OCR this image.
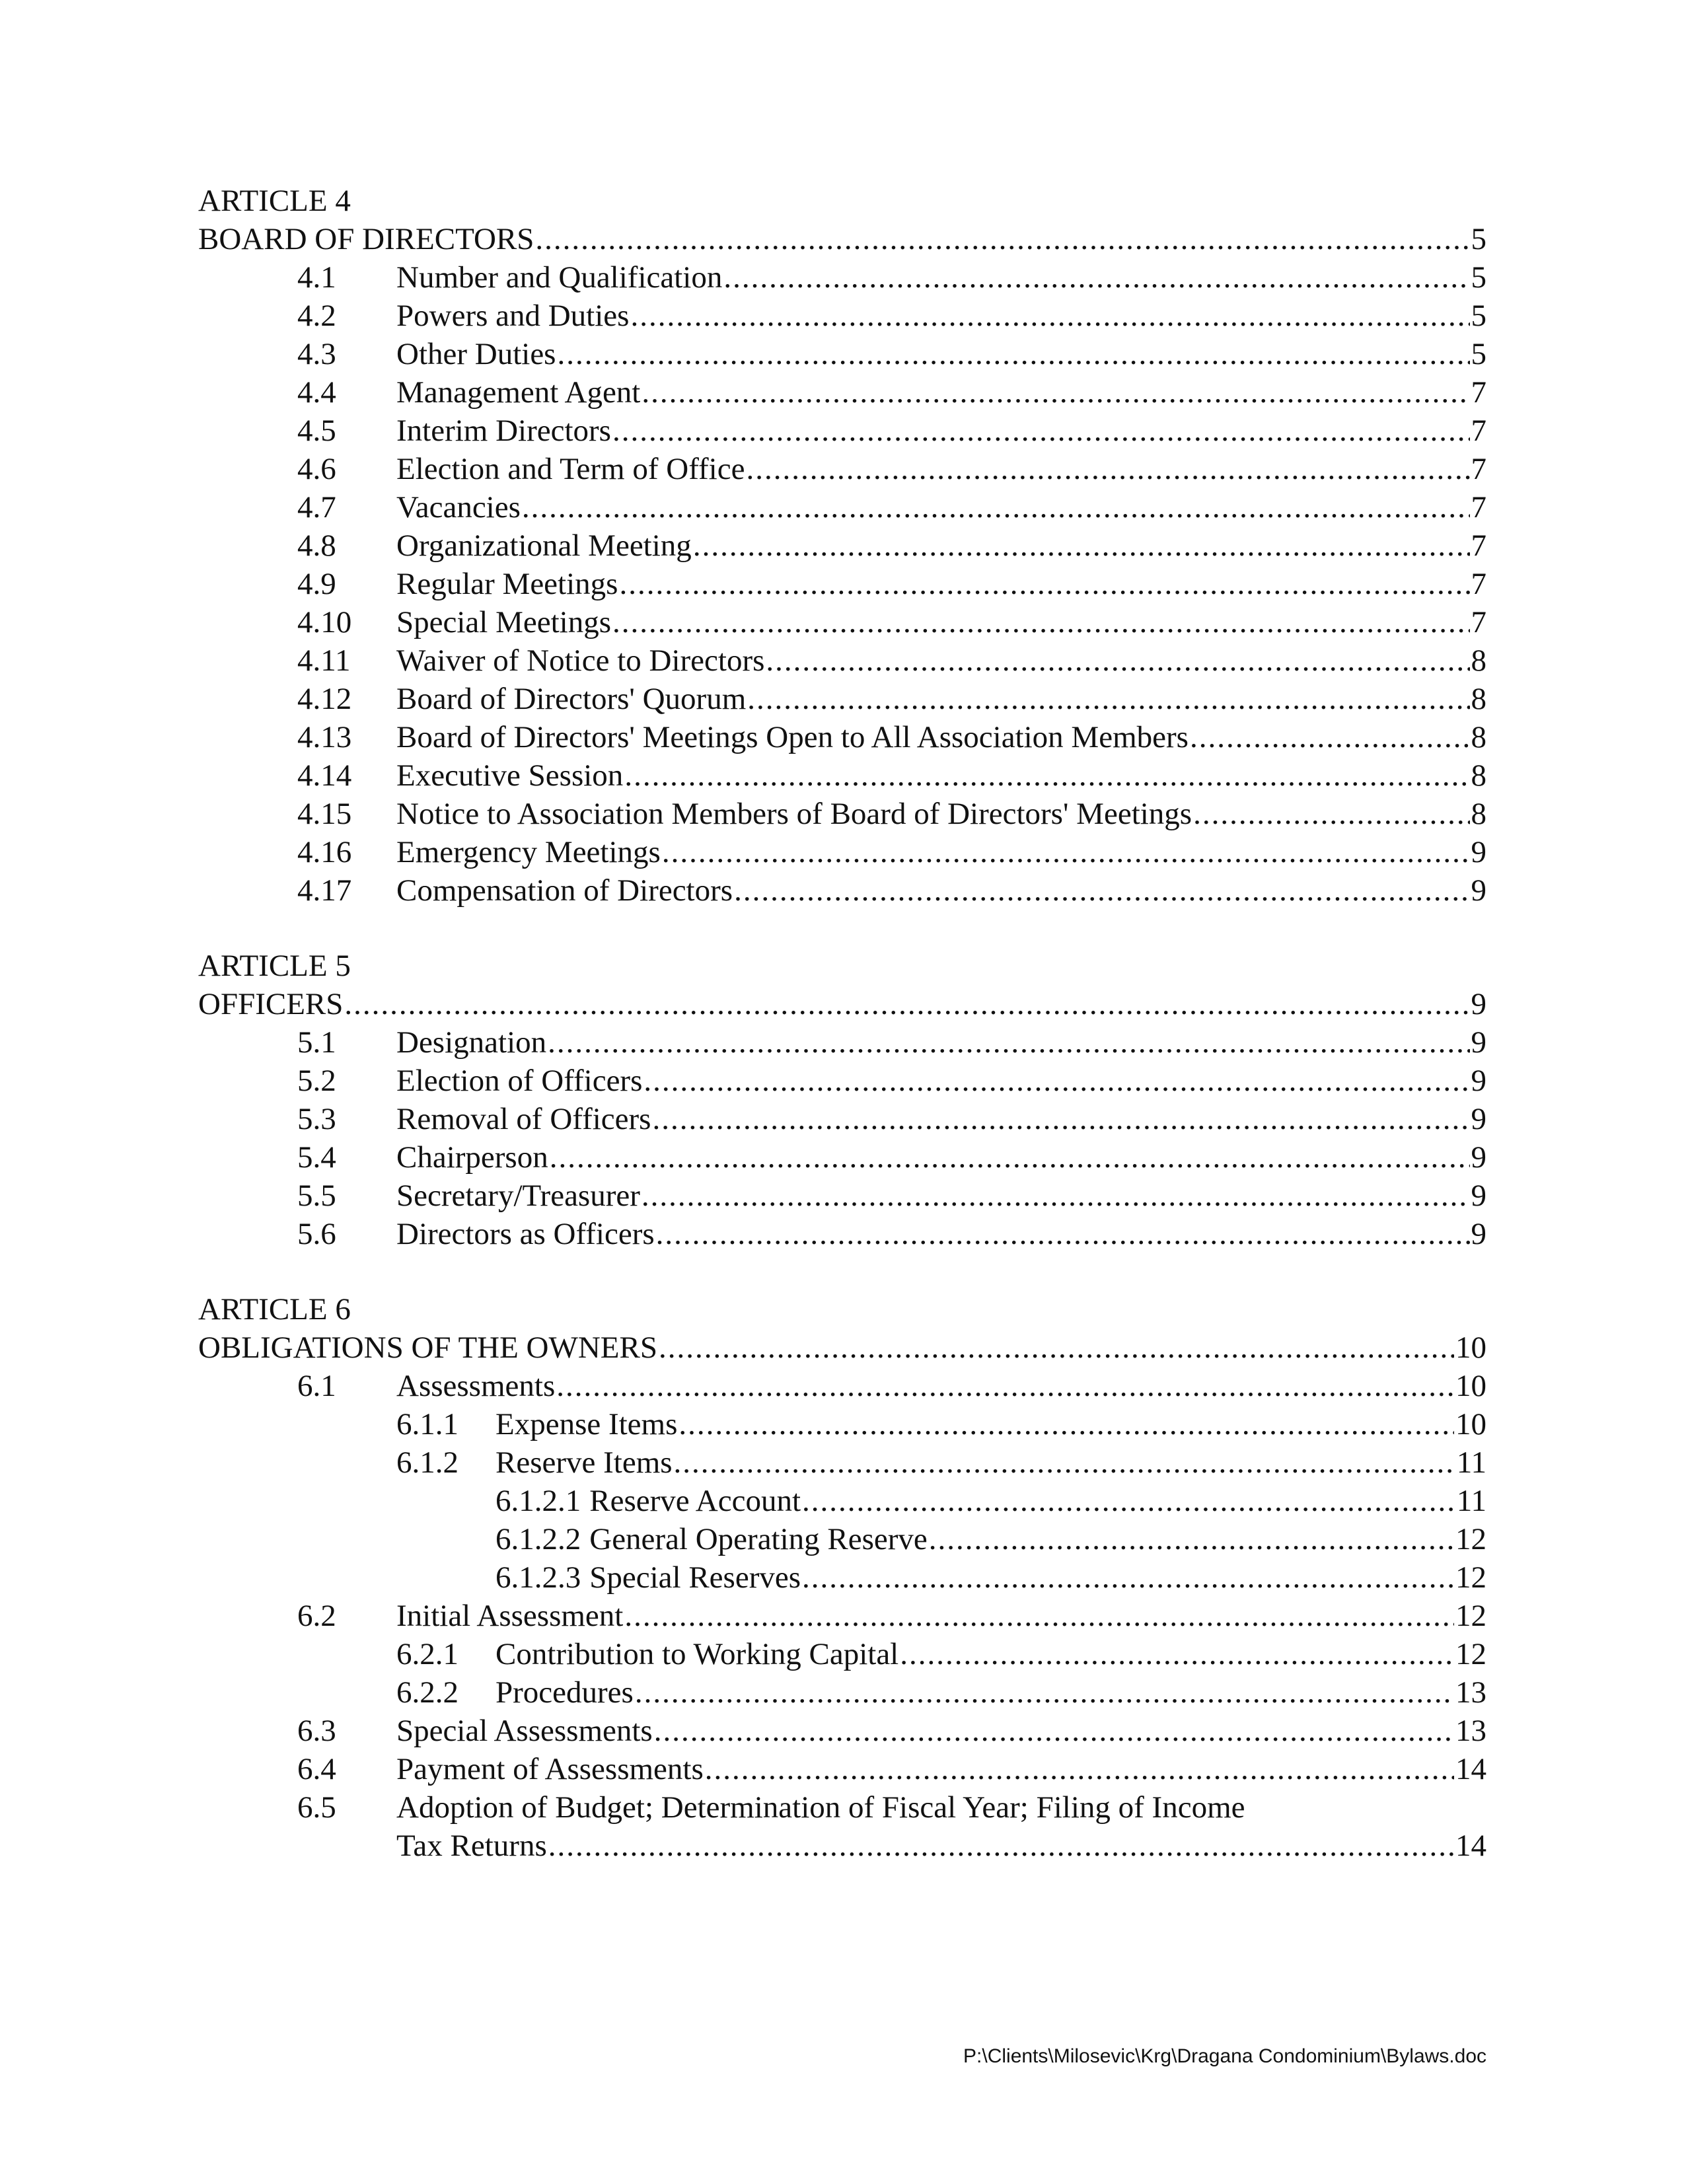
ARTICLE 4
BOARD OF DIRECTORS .....	5
4.1	Number and Qualification .....	5
4.2	Powers and Duties .....	5
4.3	Other Duties .....	5
4.4	Management Agent .....	7
4.5	Interim Directors .....	7
4.6	Election and Term of Office .....	7
4.7	Vacancies .....	7
4.8	Organizational Meeting .....	7
4.9	Regular Meetings .....	7
4.10	Special Meetings .....	7
4.11	Waiver of Notice to Directors .....	8
4.12	Board of Directors' Quorum .....	8
4.13	Board of Directors' Meetings Open to All Association Members .....	8
4.14	Executive Session .....	8
4.15	Notice to Association Members of Board of Directors' Meetings .....	8
4.16	Emergency Meetings .....	9
4.17	Compensation of Directors .....	9
ARTICLE 5
OFFICERS .....	9
5.1	Designation .....	9
5.2	Election of Officers .....	9
5.3	Removal of Officers .....	9
5.4	Chairperson .....	9
5.5	Secretary/Treasurer .....	9
5.6	Directors as Officers .....	9
ARTICLE 6
OBLIGATIONS OF THE OWNERS .....	10
6.1	Assessments .....	10
6.1.1	Expense Items .....	10
6.1.2	Reserve Items .....	11
6.1.2.1 Reserve Account .....	11
6.1.2.2 General Operating Reserve .....	12
6.1.2.3 Special Reserves .....	12
6.2	Initial Assessment .....	12
6.2.1	Contribution to Working Capital .....	12
6.2.2	Procedures .....	13
6.3	Special Assessments .....	13
6.4	Payment of Assessments .....	14
6.5 Adoption of Budget; Determination of Fiscal Year; Filing of Income
Tax Returns .....	14
P:\Clients\Milosevic\Krg\Dragana Condominium\Bylaws.doc
